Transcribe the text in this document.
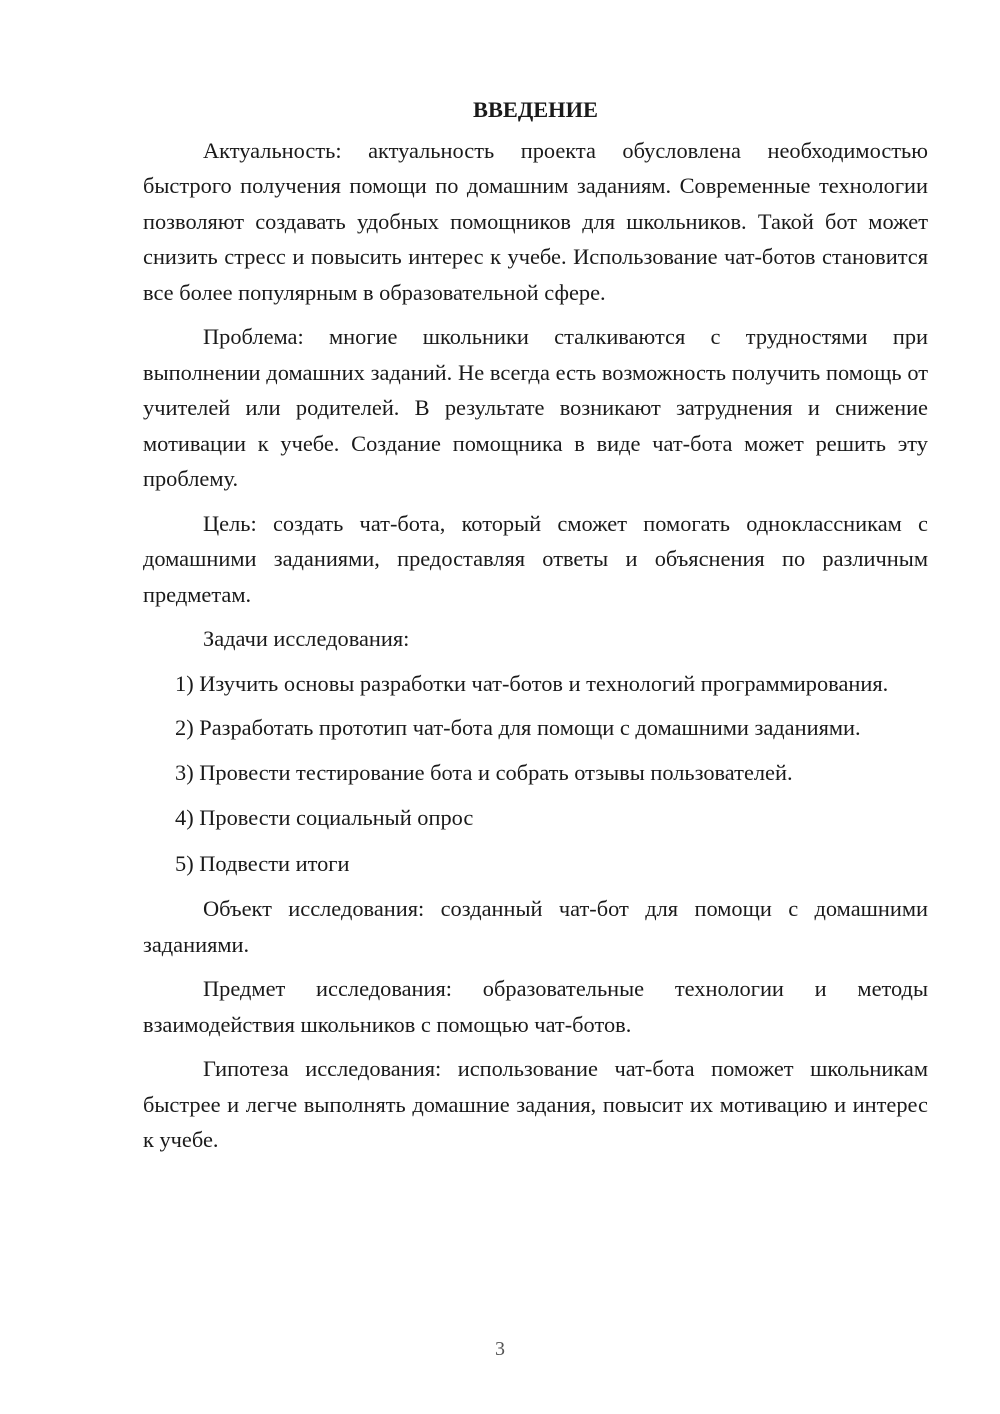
ВВЕДЕНИЕ

Актуальность: актуальность проекта обусловлена необходимостью быстрого получения помощи по домашним заданиям. Современные технологии позволяют создавать удобных помощников для школьников. Такой бот может снизить стресс и повысить интерес к учебе. Использование чат-ботов становится все более популярным в образовательной сфере.

Проблема: многие школьники сталкиваются с трудностями при выполнении домашних заданий. Не всегда есть возможность получить помощь от учителей или родителей. В результате возникают затруднения и снижение мотивации к учебе. Создание помощника в виде чат-бота может решить эту проблему.

Цель: создать чат-бота, который сможет помогать одноклассникам с домашними заданиями, предоставляя ответы и объяснения по различным предметам.

Задачи исследования:

1) Изучить основы разработки чат-ботов и технологий программирования.

2) Разработать прототип чат-бота для помощи с домашними заданиями.

3) Провести тестирование бота и собрать отзывы пользователей.

4) Провести социальный опрос

5) Подвести итоги

Объект исследования: созданный чат-бот для помощи с домашними заданиями.

Предмет исследования: образовательные технологии и методы взаимодействия школьников с помощью чат-ботов.

Гипотеза исследования: использование чат-бота поможет школьникам быстрее и легче выполнять домашние задания, повысит их мотивацию и интерес к учебе.

3
